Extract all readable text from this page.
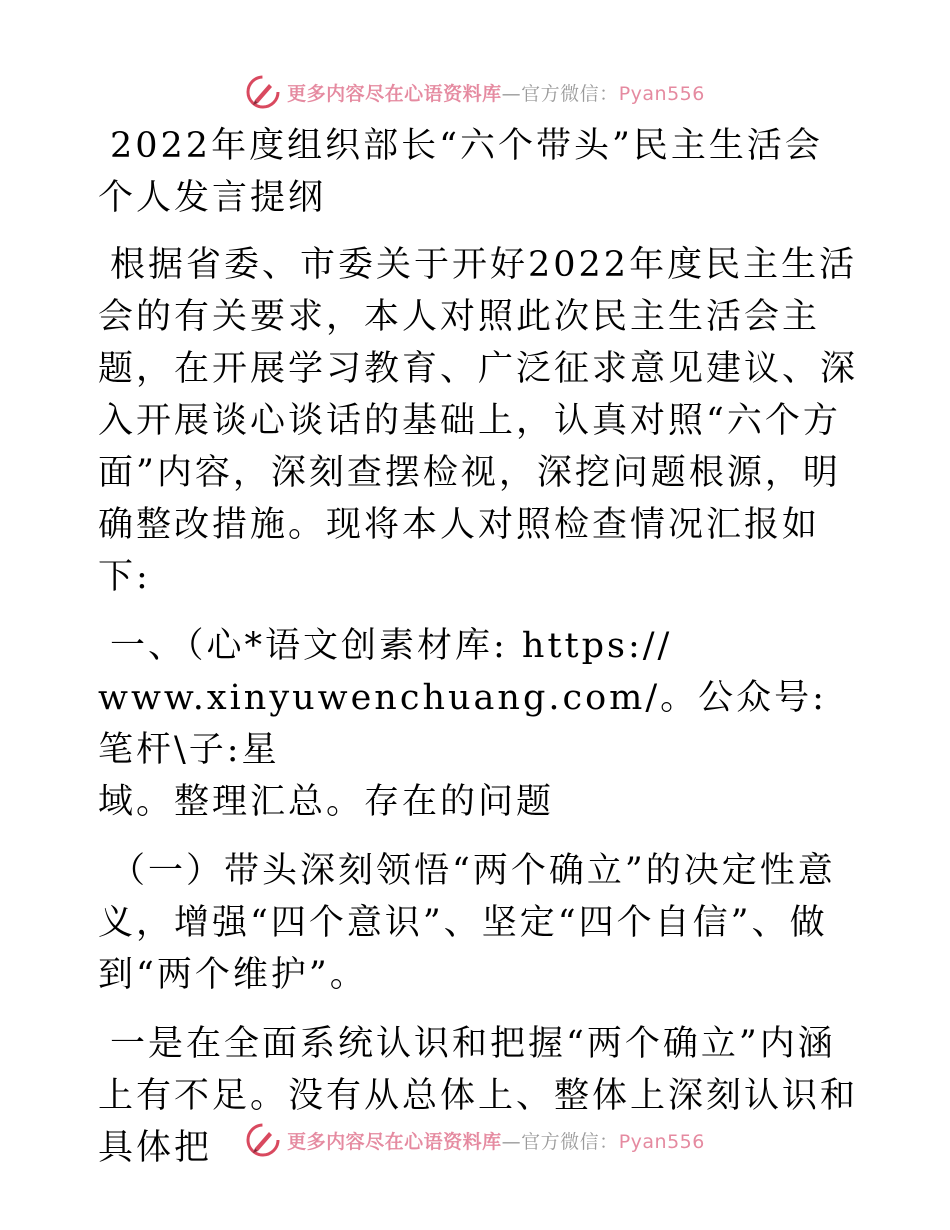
更多内容尽在心语资料库—官方微信：Pyan556

2022年度组织部长“六个带头”民主生活会个人发言提纲

根据省委、市委关于开好2022年度民主生活会的有关要求，本人对照此次民主生活会主题，在开展学习教育、广泛征求意见建议、深入开展谈心谈话的基础上，认真对照“六个方面”内容，深刻查摆检视，深挖问题根源，明确整改措施。现将本人对照检查情况汇报如下:

一、（心*语文创素材库: https://
www.xinyuwenchuang.com/。公众号: 笔杆\子:星
域。整理汇总。存在的问题

（一）带头深刻领悟“两个确立”的决定性意义，增强“四个意识”、坚定“四个自信”、做到“两个维护”。

一是在全面系统认识和把握“两个确立”内涵上有不足。没有从总体上、整体上深刻认识和具体把	更多内容尽在心语资料库—官方微信：Pyan556
